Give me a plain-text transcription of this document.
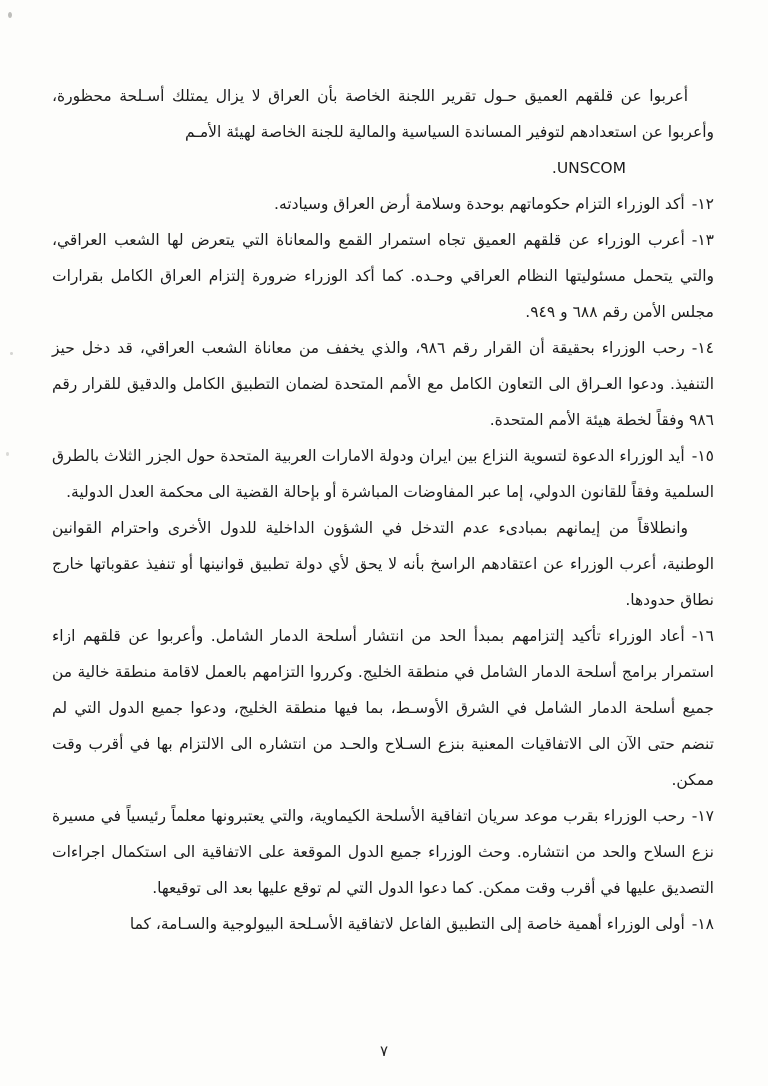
أعربوا عن قلقهم العميق حـول تقرير اللجنة الخاصة بأن العراق لا يزال يمتلك أسـلحة محظورة، وأعربوا عن استعدادهم لتوفير المساندة السياسية والمالية للجنة الخاصة لهيئة الأمـم

UNSCOM.

١٢-أكد الوزراء التزام حكوماتهم بوحدة وسلامة أرض العراق وسيادته.

١٣-أعرب الوزراء عن قلقهم العميق تجاه استمرار القمع والمعاناة التي يتعرض لها الشعب العراقي، والتي يتحمل مسئوليتها النظام العراقي وحـده. كما أكد الوزراء ضرورة إلتزام العراق الكامل بقرارات مجلس الأمن رقم ٦٨٨ و ٩٤٩.

١٤-رحب الوزراء بحقيقة أن القرار رقم ٩٨٦، والذي يخفف من معاناة الشعب العراقي، قد دخل حيز التنفيذ. ودعوا العـراق الى التعاون الكامل مع الأمم المتحدة لضمان التطبيق الكامل والدقيق للقرار رقم ٩٨٦ وفقاً لخطة هيئة الأمم المتحدة.

١٥-أيد الوزراء الدعوة لتسوية النزاع بين ايران ودولة الامارات العربية المتحدة حول الجزر الثلاث بالطرق السلمية وفقاً للقانون الدولي، إما عبر المفاوضات المباشرة أو بإحالة القضية الى محكمة العدل الدولية.

وانطلاقاً من إيمانهم بمبادىء عدم التدخل في الشؤون الداخلية للدول الأخرى واحترام القوانين الوطنية، أعرب الوزراء عن اعتقادهم الراسخ بأنه لا يحق لأي دولة تطبيق قوانينها أو تنفيذ عقوباتها خارج نطاق حدودها.

١٦-أعاد الوزراء تأكيد إلتزامهم بمبدأ الحد من انتشار أسلحة الدمار الشامل. وأعربوا عن قلقهم ازاء استمرار برامج أسلحة الدمار الشامل في منطقة الخليج. وكرروا التزامهم بالعمل لاقامة منطقة خالية من جميع أسلحة الدمار الشامل في الشرق الأوسـط، بما فيها منطقة الخليج، ودعوا جميع الدول التي لم تنضم حتى الآن الى الاتفاقيات المعنية بنزع السـلاح والحـد من انتشاره الى الالتزام بها في أقرب وقت ممكن.

١٧-رحب الوزراء بقرب موعد سريان اتفاقية الأسلحة الكيماوية، والتي يعتبرونها معلماً رئيسياً في مسيرة نزع السلاح والحد من انتشاره. وحث الوزراء جميع الدول الموقعة على الاتفاقية الى استكمال اجراءات التصديق عليها في أقرب وقت ممكن. كما دعوا الدول التي لم توقع عليها بعد الى توقيعها.

١٨-أولى الوزراء أهمية خاصة إلى التطبيق الفاعل لاتفاقية الأسـلحة البيولوجية والسـامة، كما

٧
